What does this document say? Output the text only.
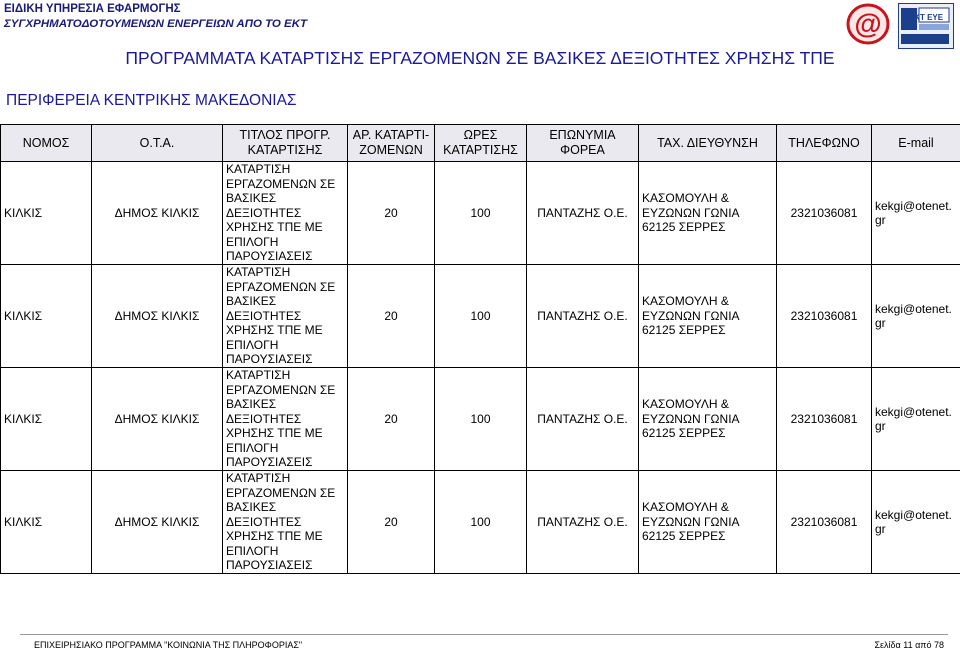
ΕΙΔΙΚΗ ΥΠΗΡΕΣΙΑ ΕΦΑΡΜΟΓΗΣ
ΣΥΓΧΡΗΜΑΤΟΔΟΤΟΥΜΕΝΩΝ ΕΝΕΡΓΕΙΩΝ ΑΠΟ ΤΟ ΕΚΤ	@	EKT EYE
ΠΡΟΓΡΑΜΜΑΤΑ ΚΑΤΑΡΤΙΣΗΣ ΕΡΓΑΖΟΜΕΝΩΝ ΣΕ ΒΑΣΙΚΕΣ ΔΕΞΙΟΤΗΤΕΣ ΧΡΗΣΗΣ ΤΠΕ
ΠΕΡΙΦΕΡΕΙΑ ΚΕΝΤΡΙΚΗΣ ΜΑΚΕΔΟΝΙΑΣ
ΝΟΜΟΣ	Ο.Τ.Α.	ΤΙΤΛΟΣ ΠΡΟΓΡ. ΚΑΤΑΡΤΙΣΗΣ	ΑΡ. ΚΑΤΑΡΤΙ- ΖΟΜΕΝΩΝ	ΩΡΕΣ ΚΑΤΑΡΤΙΣΗΣ	ΕΠΩΝΥΜΙΑ ΦΟΡΕΑ	ΤΑΧ. ΔΙΕΥΘΥΝΣΗ	ΤΗΛΕΦΩΝΟ	E-mail
ΚΙΛΚΙΣ	ΔΗΜΟΣ ΚΙΛΚΙΣ	ΚΑΤΑΡΤΙΣΗ ΕΡΓΑΖΟΜΕΝΩΝ ΣΕ ΒΑΣΙΚΕΣ ΔΕΞΙΟΤΗΤΕΣ ΧΡΗΣΗΣ ΤΠΕ ΜΕ ΕΠΙΛΟΓΗ ΠΑΡΟΥΣΙΑΣΕΙΣ	20	100	ΠΑΝΤΑΖΗΣ Ο.Ε.	ΚΑΣΟΜΟΥΛΗ & ΕΥΖΩΝΩΝ ΓΩΝΙΑ 62125 ΣΕΡΡΕΣ	2321036081	kekgi@otenet. gr
ΚΙΛΚΙΣ	ΔΗΜΟΣ ΚΙΛΚΙΣ	ΚΑΤΑΡΤΙΣΗ ΕΡΓΑΖΟΜΕΝΩΝ ΣΕ ΒΑΣΙΚΕΣ ΔΕΞΙΟΤΗΤΕΣ ΧΡΗΣΗΣ ΤΠΕ ΜΕ ΕΠΙΛΟΓΗ ΠΑΡΟΥΣΙΑΣΕΙΣ	20	100	ΠΑΝΤΑΖΗΣ Ο.Ε.	ΚΑΣΟΜΟΥΛΗ & ΕΥΖΩΝΩΝ ΓΩΝΙΑ 62125 ΣΕΡΡΕΣ	2321036081	kekgi@otenet. gr
ΚΙΛΚΙΣ	ΔΗΜΟΣ ΚΙΛΚΙΣ	ΚΑΤΑΡΤΙΣΗ ΕΡΓΑΖΟΜΕΝΩΝ ΣΕ ΒΑΣΙΚΕΣ ΔΕΞΙΟΤΗΤΕΣ ΧΡΗΣΗΣ ΤΠΕ ΜΕ ΕΠΙΛΟΓΗ ΠΑΡΟΥΣΙΑΣΕΙΣ	20	100	ΠΑΝΤΑΖΗΣ Ο.Ε.	ΚΑΣΟΜΟΥΛΗ & ΕΥΖΩΝΩΝ ΓΩΝΙΑ 62125 ΣΕΡΡΕΣ	2321036081	kekgi@otenet. gr
ΚΙΛΚΙΣ	ΔΗΜΟΣ ΚΙΛΚΙΣ	ΚΑΤΑΡΤΙΣΗ ΕΡΓΑΖΟΜΕΝΩΝ ΣΕ ΒΑΣΙΚΕΣ ΔΕΞΙΟΤΗΤΕΣ ΧΡΗΣΗΣ ΤΠΕ ΜΕ ΕΠΙΛΟΓΗ ΠΑΡΟΥΣΙΑΣΕΙΣ	20	100	ΠΑΝΤΑΖΗΣ Ο.Ε.	ΚΑΣΟΜΟΥΛΗ & ΕΥΖΩΝΩΝ ΓΩΝΙΑ 62125 ΣΕΡΡΕΣ	2321036081	kekgi@otenet. gr
ΕΠΙΧΕΙΡΗΣΙΑΚΟ ΠΡΟΓΡΑΜΜΑ "ΚΟΙΝΩΝΙΑ ΤΗΣ ΠΛΗΡΟΦΟΡΙΑΣ"	Σελίδα 11 από 78
